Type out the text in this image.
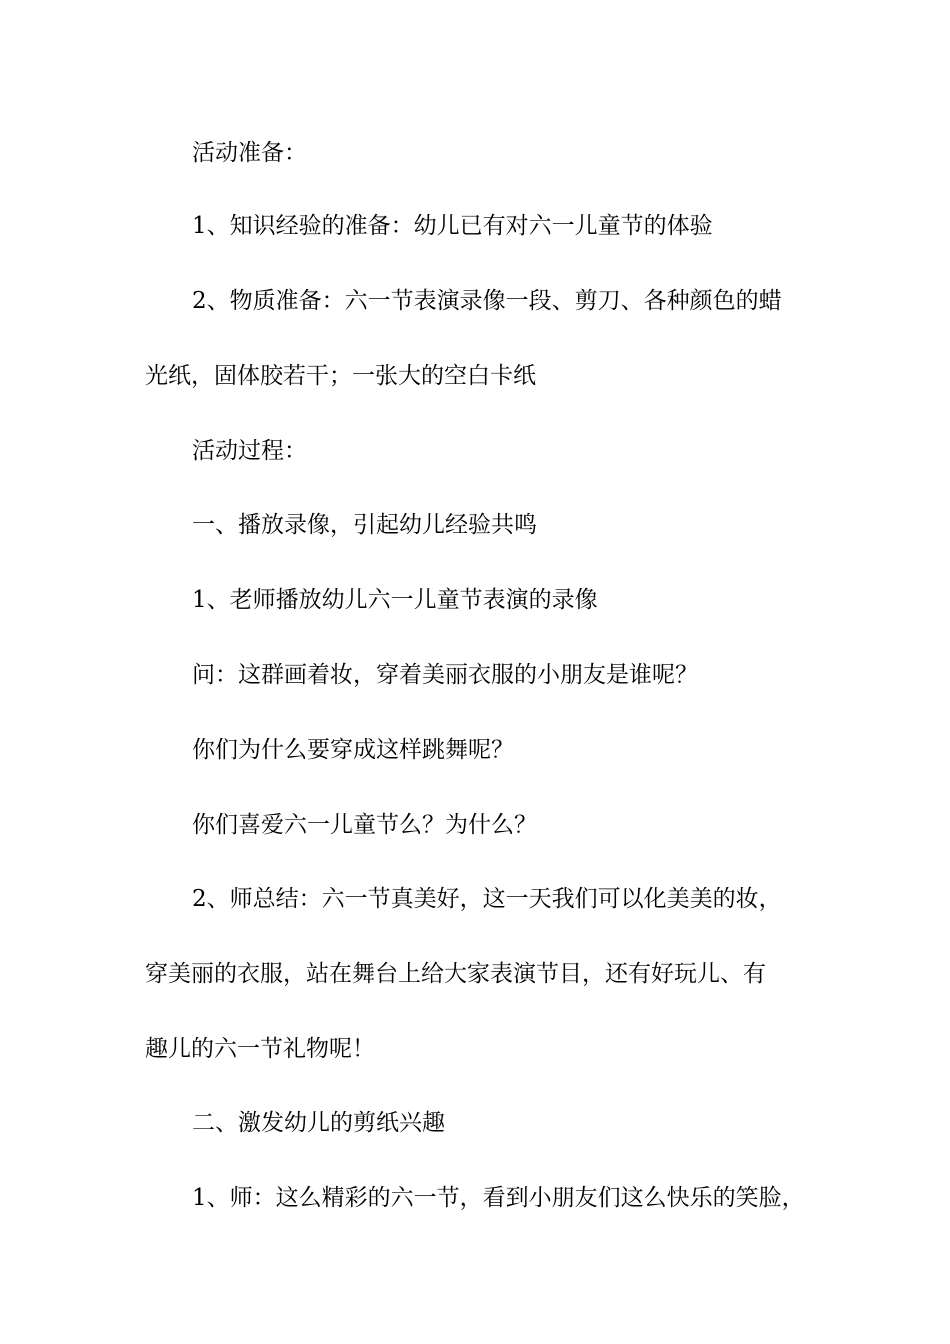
活动准备：
1、知识经验的准备：幼儿已有对六一儿童节的体验
2、物质准备：六一节表演录像一段、剪刀、各种颜色的蜡
光纸，固体胶若干；一张大的空白卡纸
活动过程：
一、播放录像，引起幼儿经验共鸣
1、老师播放幼儿六一儿童节表演的录像
问：这群画着妆，穿着美丽衣服的小朋友是谁呢？
你们为什么要穿成这样跳舞呢？
你们喜爱六一儿童节么？为什么？
2、师总结：六一节真美好，这一天我们可以化美美的妆，
穿美丽的衣服，站在舞台上给大家表演节目，还有好玩儿、有
趣儿的六一节礼物呢！
二、激发幼儿的剪纸兴趣
1、师：这么精彩的六一节，看到小朋友们这么快乐的笑脸，
